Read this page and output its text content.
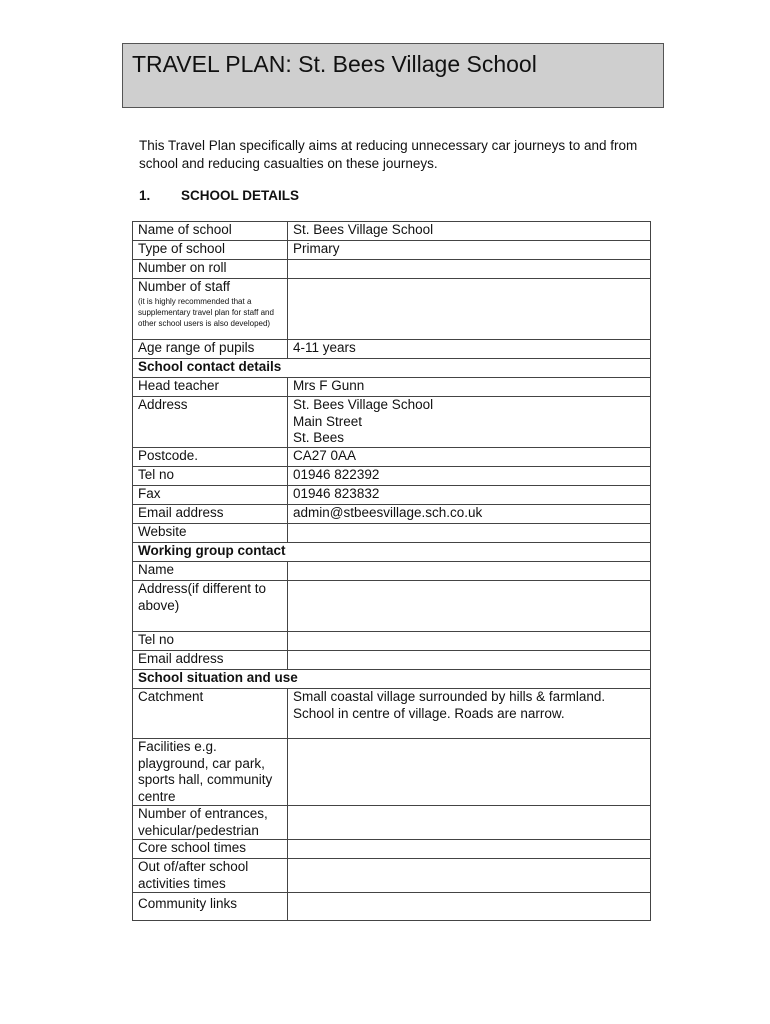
TRAVEL PLAN: St. Bees Village School
This Travel Plan specifically aims at reducing unnecessary car journeys to and from school and reducing casualties on these journeys.
1. SCHOOL DETAILS
Name of school	St. Bees Village School
Type of school	Primary
Number on roll	

Number of staff
(it is highly recommended that a supplementary travel plan for staff and other school users is also developed)	

Age range of pupils	4-11 years
School contact details	
Head teacher	Mrs F Gunn
Address	St. Bees Village School
Main Street
St. Bees

Postcode.	CA27 0AA
Tel no	01946 822392
Fax	01946 823832
Email address	admin@stbeesvillage.sch.co.uk
Website	
Working group contact	
Name	
Address(if different to above)	
Tel no	
Email address	
School situation and use	
Catchment	Small coastal village surrounded by hills & farmland. School in centre of village. Roads are narrow.
Facilities e.g. playground, car park, sports hall, community centre	
Number of entrances, vehicular/pedestrian	
Core school times	
Out of/after school activities times	
Community links	
